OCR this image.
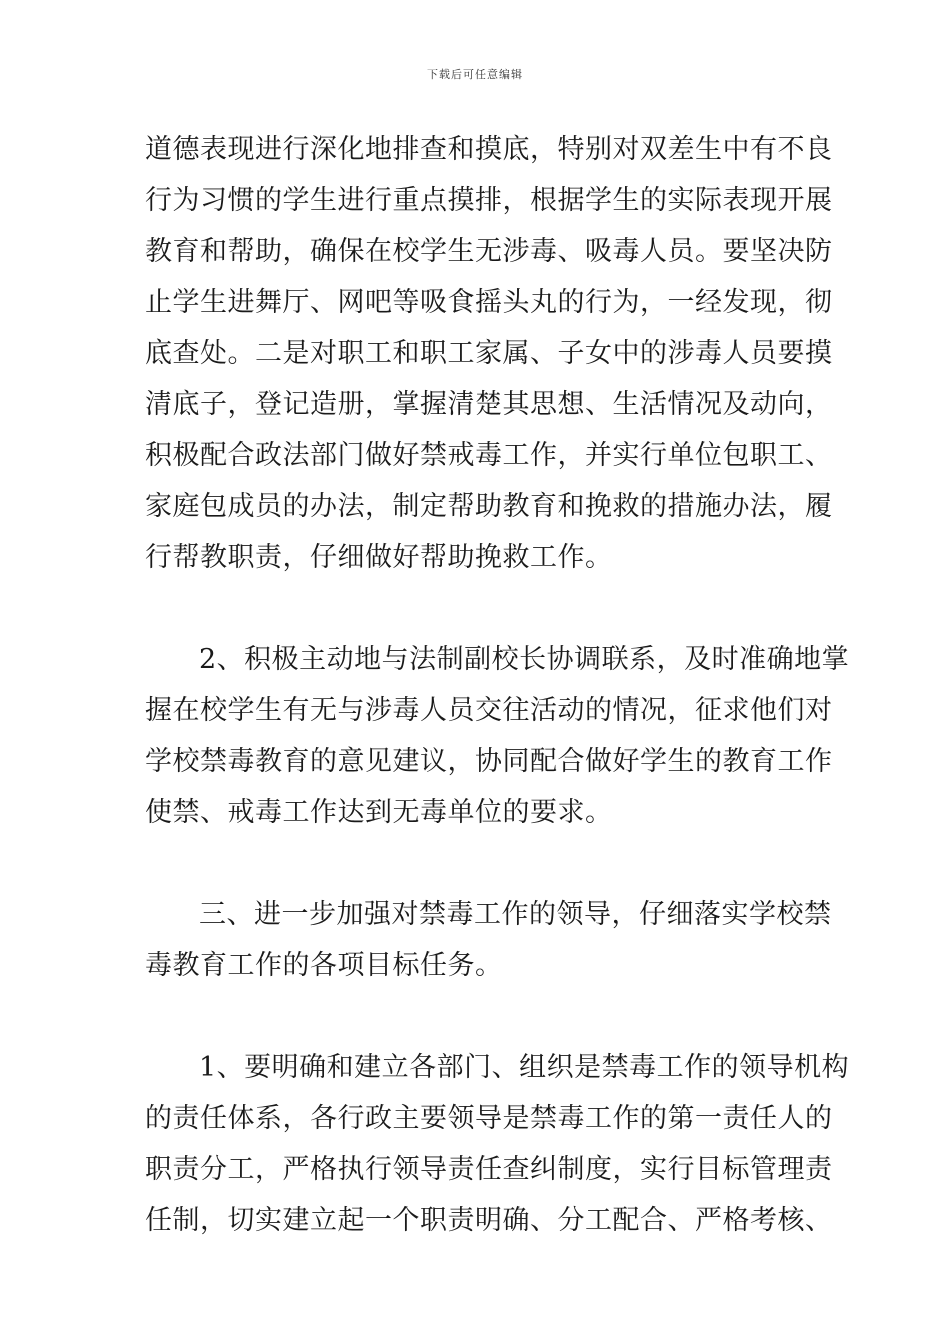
下载后可任意编辑
道德表现进行深化地排查和摸底，特别对双差生中有不良
行为习惯的学生进行重点摸排，根据学生的实际表现开展
教育和帮助，确保在校学生无涉毒、吸毒人员。要坚决防
止学生进舞厅、网吧等吸食摇头丸的行为，一经发现，彻
底查处。二是对职工和职工家属、子女中的涉毒人员要摸
清底子，登记造册，掌握清楚其思想、生活情况及动向，
积极配合政法部门做好禁戒毒工作，并实行单位包职工、
家庭包成员的办法，制定帮助教育和挽救的措施办法，履
行帮教职责，仔细做好帮助挽救工作。
2、积极主动地与法制副校长协调联系，及时准确地掌
握在校学生有无与涉毒人员交往活动的情况，征求他们对
学校禁毒教育的意见建议，协同配合做好学生的教育工作
使禁、戒毒工作达到无毒单位的要求。
三、进一步加强对禁毒工作的领导，仔细落实学校禁
毒教育工作的各项目标任务。
1、要明确和建立各部门、组织是禁毒工作的领导机构
的责任体系，各行政主要领导是禁毒工作的第一责任人的
职责分工，严格执行领导责任查纠制度，实行目标管理责
任制，切实建立起一个职责明确、分工配合、严格考核、
